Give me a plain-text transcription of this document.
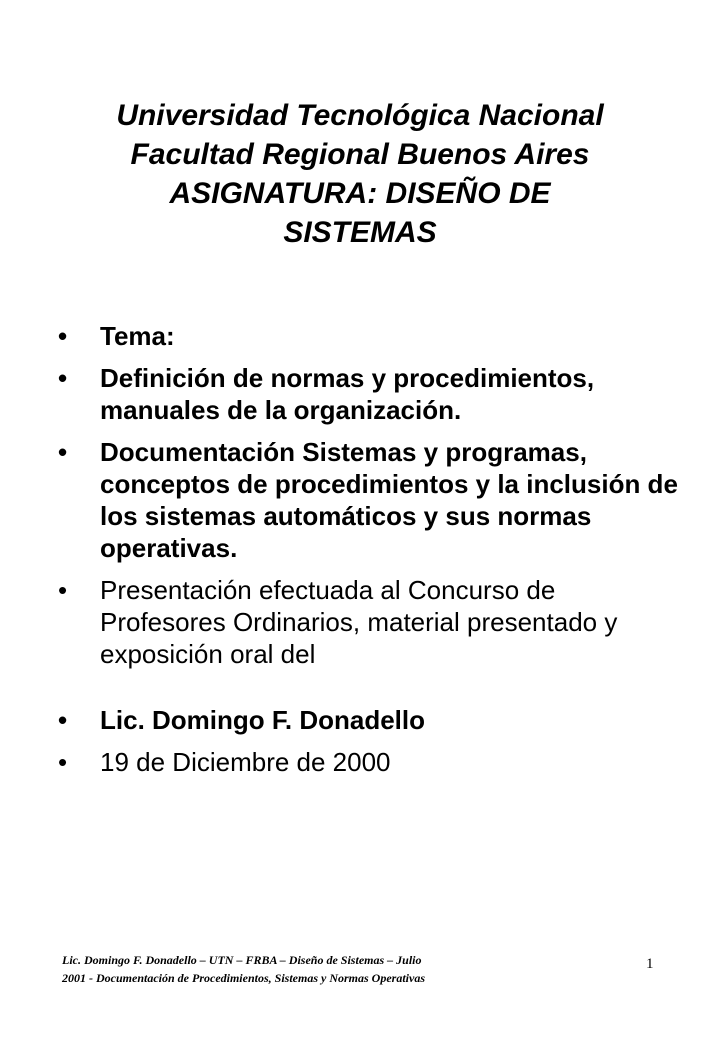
Universidad Tecnológica Nacional
Facultad Regional Buenos Aires
ASIGNATURA: DISEÑO DE
SISTEMAS
• Tema:
• Definición de normas y procedimientos, manuales de la organización.
• Documentación Sistemas y programas, conceptos de procedimientos y la inclusión de los sistemas automáticos y sus normas operativas.
• Presentación efectuada al Concurso de Profesores Ordinarios, material presentado y exposición oral del
• Lic. Domingo F. Donadello
• 19 de Diciembre de 2000
Lic. Domingo F. Donadello – UTN – FRBA – Diseño de Sistemas – Julio
2001 - Documentación de Procedimientos, Sistemas y Normas Operativas
1
